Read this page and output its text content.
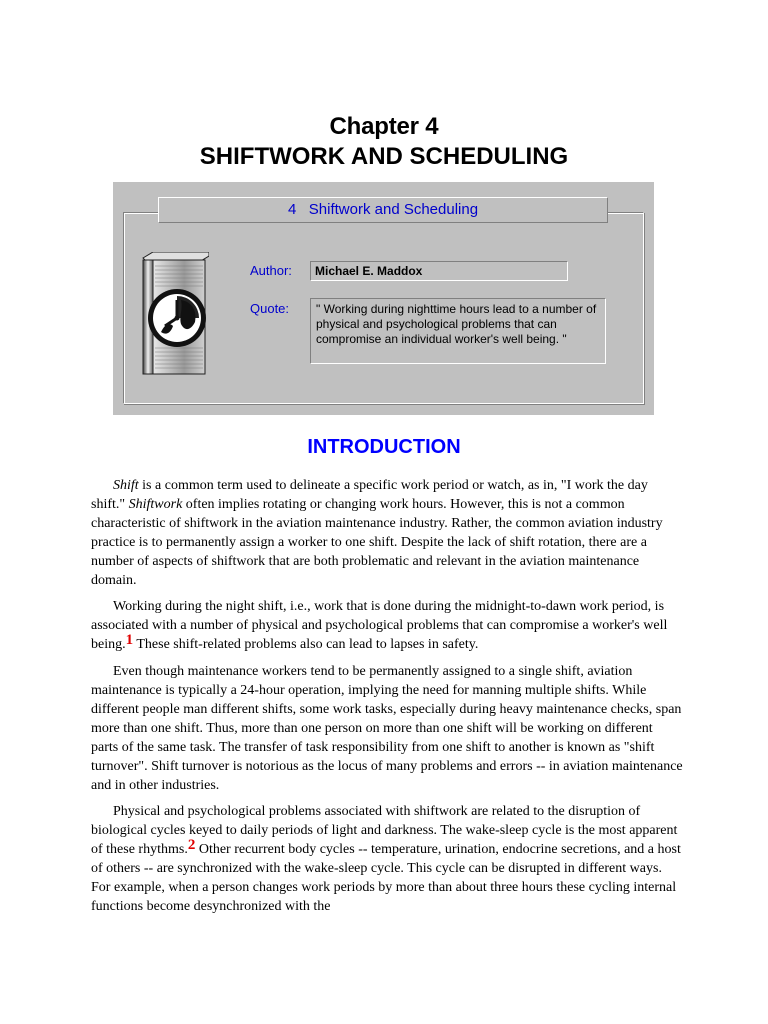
Chapter 4
SHIFTWORK AND SCHEDULING
4   Shiftwork and Scheduling
Author:	Michael E. Maddox
Quote:	" Working during nighttime hours lead to a number of physical and psychological problems that can compromise an individual worker's well being. "
INTRODUCTION

Shift is a common term used to delineate a specific work period or watch, as in, "I work the day shift." Shiftwork often implies rotating or changing work hours. However, this is not a common characteristic of shiftwork in the aviation maintenance industry. Rather, the common aviation industry practice is to permanently assign a worker to one shift. Despite the lack of shift rotation, there are a number of aspects of shiftwork that are both problematic and relevant in the aviation maintenance domain.

Working during the night shift, i.e., work that is done during the midnight-to-dawn work period, is associated with a number of physical and psychological problems that can compromise a worker's well being.$^1$ These shift-related problems also can lead to lapses in safety.

Even though maintenance workers tend to be permanently assigned to a single shift, aviation maintenance is typically a 24-hour operation, implying the need for manning multiple shifts. While different people man different shifts, some work tasks, especially during heavy maintenance checks, span more than one shift. Thus, more than one person on more than one shift will be working on different parts of the same task. The transfer of task responsibility from one shift to another is known as "shift turnover". Shift turnover is notorious as the locus of many problems and errors -- in aviation maintenance and in other industries.

Physical and psychological problems associated with shiftwork are related to the disruption of biological cycles keyed to daily periods of light and darkness. The wake-sleep cycle is the most apparent of these rhythms.$^2$ Other recurrent body cycles -- temperature, urination, endocrine secretions, and a host of others -- are synchronized with the wake-sleep cycle. This cycle can be disrupted in different ways. For example, when a person changes work periods by more than about three hours these cycling internal functions become desynchronized with the
